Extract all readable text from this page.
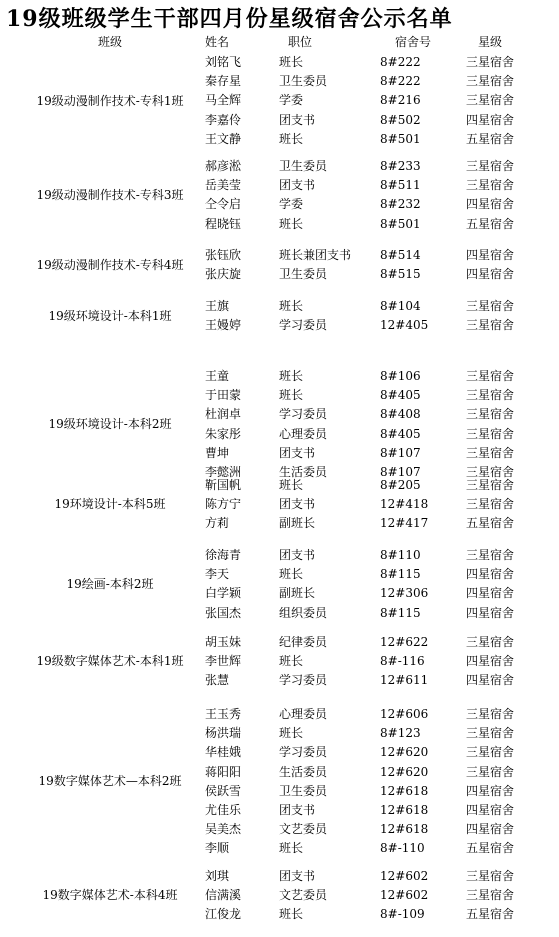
19级班级学生干部四月份星级宿舍公示名单
班级	姓名	职位	宿舍号	星级
19级动漫制作技术-专科1班
刘铭飞	班长	8#222	三星宿舍
秦存星	卫生委员	8#222	三星宿舍
马全辉	学委	8#216	三星宿舍
李嘉伶	团支书	8#502	四星宿舍
王文静	班长	8#501	五星宿舍
19级动漫制作技术-专科3班
郝彦淞	卫生委员	8#233	三星宿舍
岳美莹	团支书	8#511	三星宿舍
仝令启	学委	8#232	四星宿舍
程晓钰	班长	8#501	五星宿舍
19级动漫制作技术-专科4班
张钰欣	班长兼团支书	8#514	四星宿舍
张庆旋	卫生委员	8#515	四星宿舍
19级环境设计-本科1班
王旗	班长	8#104	三星宿舍
王嫚婷	学习委员	12#405	三星宿舍
19级环境设计-本科2班
王童	班长	8#106	三星宿舍
于田蒙	班长	8#405	三星宿舍
杜润卓	学习委员	8#408	三星宿舍
朱家彤	心理委员	8#405	三星宿舍
曹坤	团支书	8#107	三星宿舍
李懿洲	生活委员	8#107	三星宿舍
19环境设计-本科5班
靳国帆	班长	8#205	三星宿舍
陈方宁	团支书	12#418	三星宿舍
方莉	副班长	12#417	五星宿舍
19绘画-本科2班
徐海青	团支书	8#110	三星宿舍
李天	班长	8#115	四星宿舍
白学颖	副班长	12#306	四星宿舍
张国杰	组织委员	8#115	四星宿舍
19级数字媒体艺术-本科1班
胡玉妹	纪律委员	12#622	三星宿舍
李世辉	班长	8#-116	四星宿舍
张慧	学习委员	12#611	四星宿舍
19数字媒体艺术—本科2班
王玉秀	心理委员	12#606	三星宿舍
杨洪瑞	班长	8#123	三星宿舍
华桂娥	学习委员	12#620	三星宿舍
蒋阳阳	生活委员	12#620	三星宿舍
侯跃雪	卫生委员	12#618	四星宿舍
尤佳乐	团支书	12#618	四星宿舍
吴美杰	文艺委员	12#618	四星宿舍
李顺	班长	8#-110	五星宿舍
19数字媒体艺术-本科4班
刘琪	团支书	12#602	三星宿舍
信满溪	文艺委员	12#602	三星宿舍
江俊龙	班长	8#-109	五星宿舍
